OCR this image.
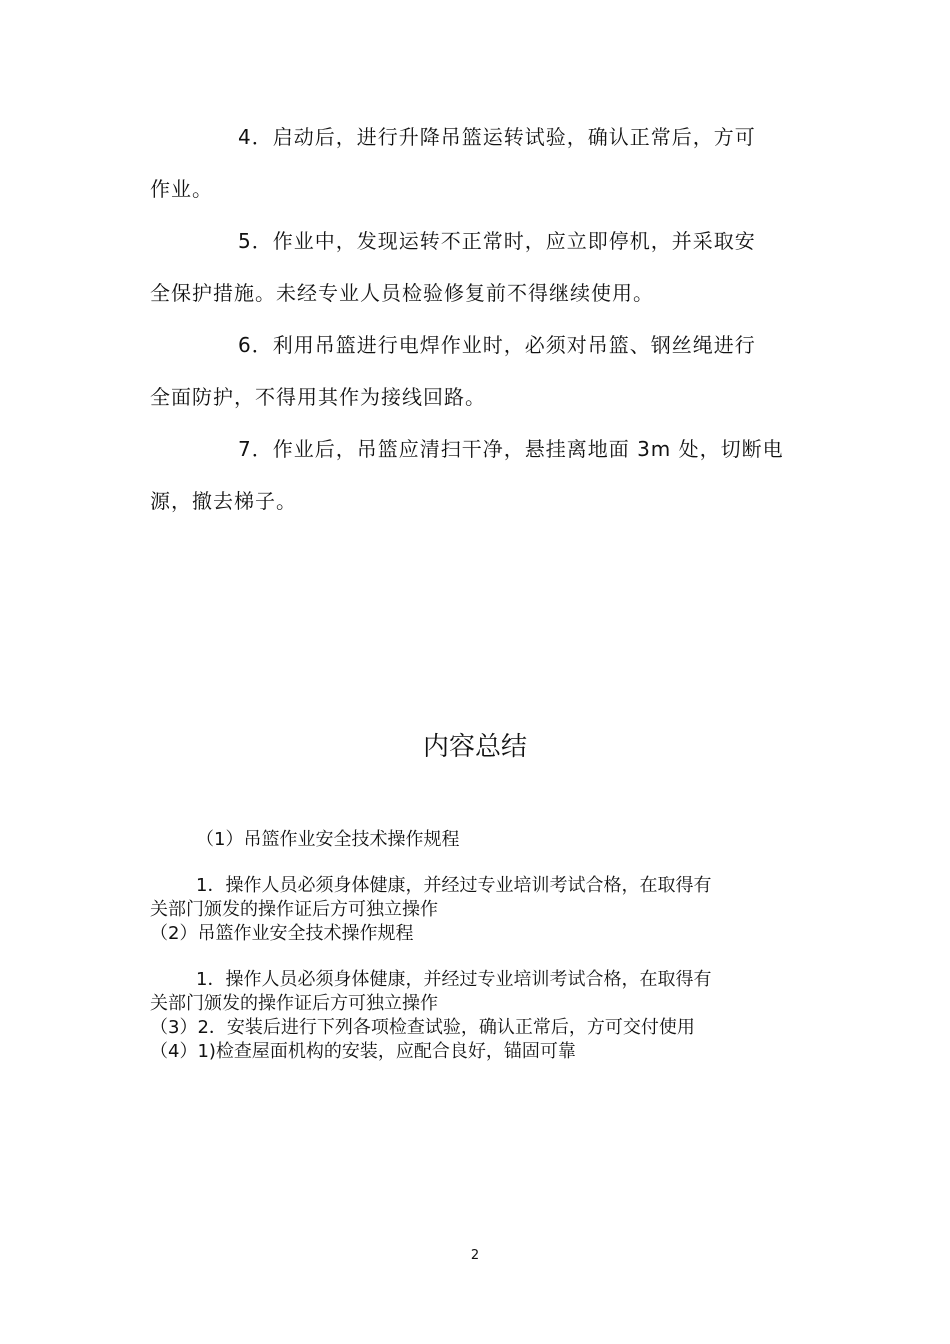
4．启动后，进行升降吊篮运转试验，确认正常后，方可

作业。

5．作业中，发现运转不正常时，应立即停机，并采取安

全保护措施。未经专业人员检验修复前不得继续使用。

6．利用吊篮进行电焊作业时，必须对吊篮、钢丝绳进行

全面防护，不得用其作为接线回路。

7．作业后，吊篮应清扫干净，悬挂离地面 3m 处，切断电

源，撤去梯子。

内容总结

（1）吊篮作业安全技术操作规程

1．操作人员必须身体健康，并经过专业培训考试合格，在取得有

关部门颁发的操作证后方可独立操作

（2）吊篮作业安全技术操作规程

1．操作人员必须身体健康，并经过专业培训考试合格，在取得有

关部门颁发的操作证后方可独立操作

（3）2．安装后进行下列各项检查试验，确认正常后，方可交付使用

（4）1)检查屋面机构的安装，应配合良好，锚固可靠

2
